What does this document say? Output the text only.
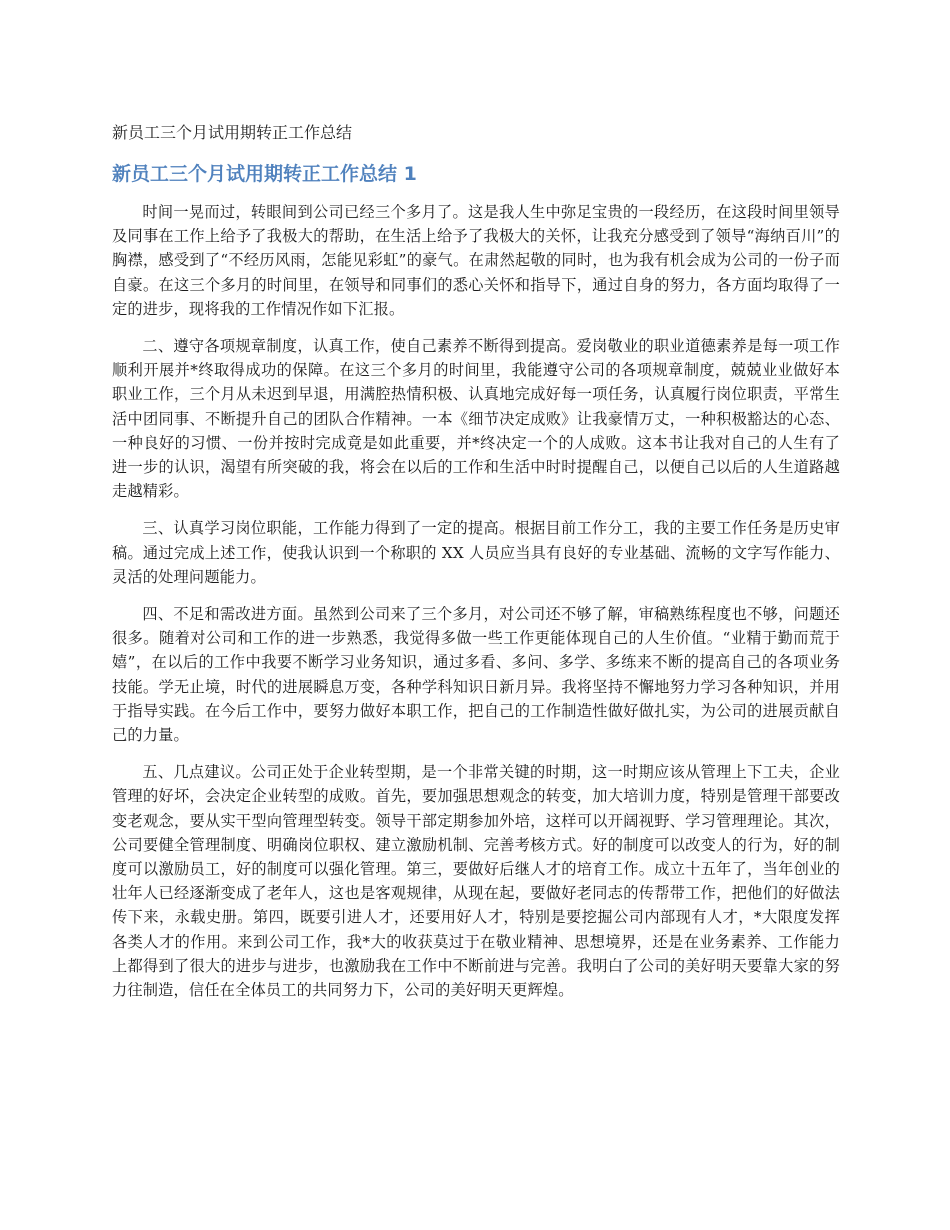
新员工三个月试用期转正工作总结
新员工三个月试用期转正工作总结 1

时间一晃而过，转眼间到公司已经三个多月了。这是我人生中弥足宝贵的一段经历，在这段时间里领导及同事在工作上给予了我极大的帮助，在生活上给予了我极大的关怀，让我充分感受到了领导“海纳百川”的胸襟，感受到了“不经历风雨，怎能见彩虹”的豪气。在肃然起敬的同时，也为我有机会成为公司的一份子而自豪。在这三个多月的时间里，在领导和同事们的悉心关怀和指导下，通过自身的努力，各方面均取得了一定的进步，现将我的工作情况作如下汇报。

二、遵守各项规章制度，认真工作，使自己素养不断得到提高。爱岗敬业的职业道德素养是每一项工作顺利开展并*终取得成功的保障。在这三个多月的时间里，我能遵守公司的各项规章制度，兢兢业业做好本职业工作，三个月从未迟到早退，用满腔热情积极、认真地完成好每一项任务，认真履行岗位职责，平常生活中团同事、不断提升自己的团队合作精神。一本《细节决定成败》让我豪情万丈，一种积极豁达的心态、一种良好的习惯、一份并按时完成竟是如此重要，并*终决定一个的人成败。这本书让我对自己的人生有了进一步的认识，渴望有所突破的我，将会在以后的工作和生活中时时提醒自己，以便自己以后的人生道路越走越精彩。

三、认真学习岗位职能，工作能力得到了一定的提高。根据目前工作分工，我的主要工作任务是历史审稿。通过完成上述工作，使我认识到一个称职的 XX 人员应当具有良好的专业基础、流畅的文字写作能力、灵活的处理问题能力。

四、不足和需改进方面。虽然到公司来了三个多月，对公司还不够了解，审稿熟练程度也不够，问题还很多。随着对公司和工作的进一步熟悉，我觉得多做一些工作更能体现自己的人生价值。“业精于勤而荒于嬉”，在以后的工作中我要不断学习业务知识，通过多看、多问、多学、多练来不断的提高自己的各项业务技能。学无止境，时代的进展瞬息万变，各种学科知识日新月异。我将坚持不懈地努力学习各种知识，并用于指导实践。在今后工作中，要努力做好本职工作，把自己的工作制造性做好做扎实，为公司的进展贡献自己的力量。

五、几点建议。公司正处于企业转型期，是一个非常关键的时期，这一时期应该从管理上下工夫，企业管理的好坏，会决定企业转型的成败。首先，要加强思想观念的转变，加大培训力度，特别是管理干部要改变老观念，要从实干型向管理型转变。领导干部定期参加外培，这样可以开阔视野、学习管理理论。其次，公司要健全管理制度、明确岗位职权、建立激励机制、完善考核方式。好的制度可以改变人的行为，好的制度可以激励员工，好的制度可以强化管理。第三，要做好后继人才的培育工作。成立十五年了，当年创业的壮年人已经逐渐变成了老年人，这也是客观规律，从现在起，要做好老同志的传帮带工作，把他们的好做法传下来，永载史册。第四，既要引进人才，还要用好人才，特别是要挖掘公司内部现有人才，*大限度发挥各类人才的作用。来到公司工作，我*大的收获莫过于在敬业精神、思想境界，还是在业务素养、工作能力上都得到了很大的进步与进步，也激励我在工作中不断前进与完善。我明白了公司的美好明天要靠大家的努力往制造，信任在全体员工的共同努力下，公司的美好明天更辉煌。
